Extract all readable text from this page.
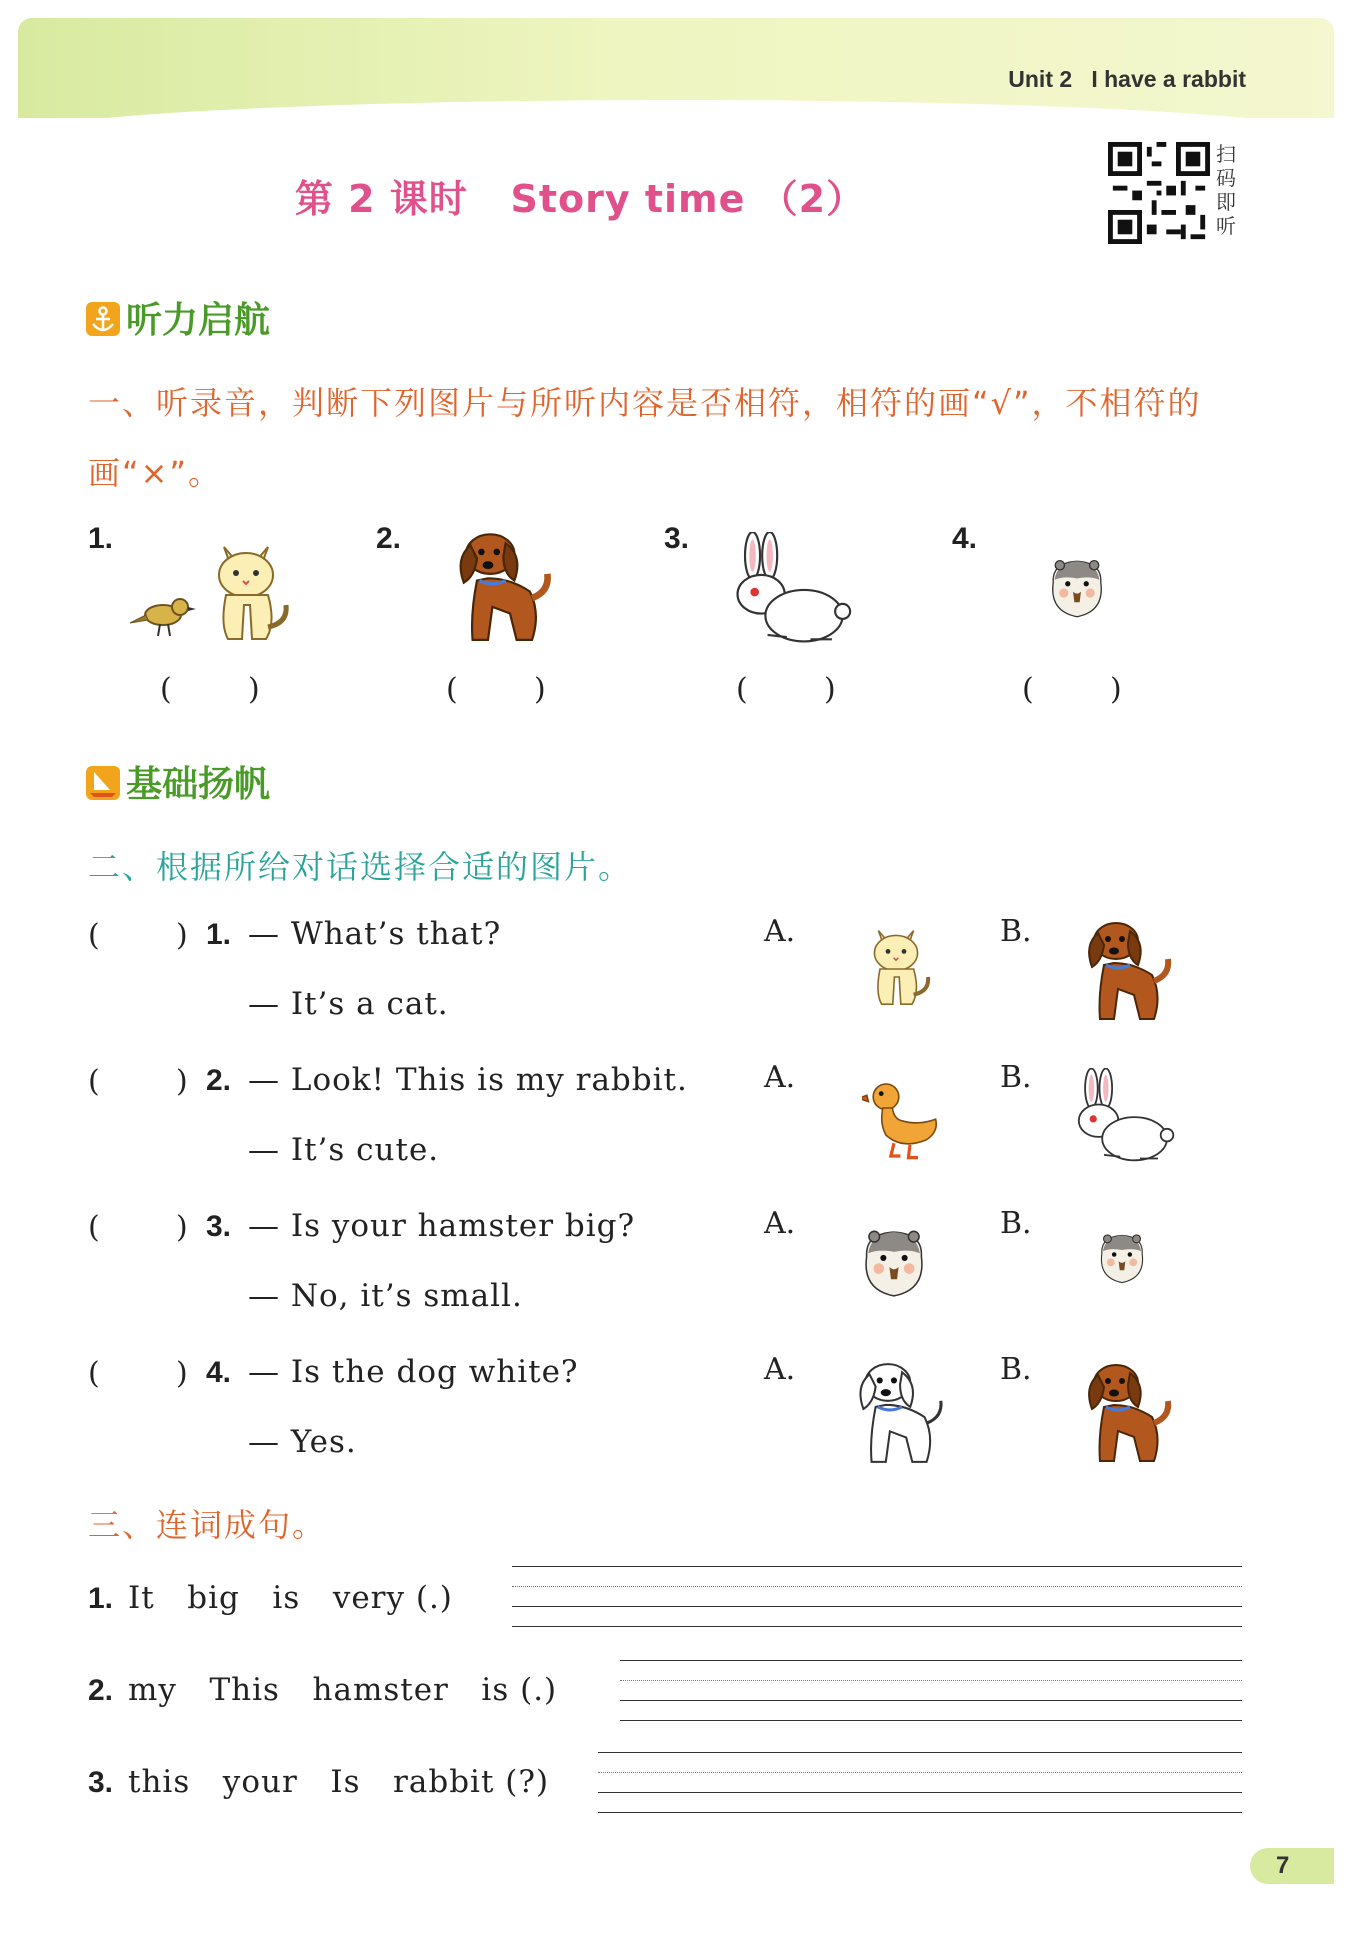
Unit 2   I have a rabbit
第 2 课时   Story time （2）
扫
码
即
听
听力启航
一、听录音，判断下列图片与所听内容是否相符，相符的画“√”，不相符的
画“×”。
1.
(        )
2.
(        )
3.
(        )
4.
(        )
基础扬帆
二、根据所给对话选择合适的图片。
(        ) 1. — What’s that?
— It’s a cat.
A.	B.
(        ) 2. — Look! This is my rabbit.
— It’s cute.
A.	B.
(        ) 3. — Is your hamster big?
— No, it’s small.
A.	B.
(        ) 4. — Is the dog white?
— Yes.
A.	B.
三、连词成句。
1. It   big   is   very (.)
2. my   This   hamster   is (.)
3. this   your   Is   rabbit (?)
7
